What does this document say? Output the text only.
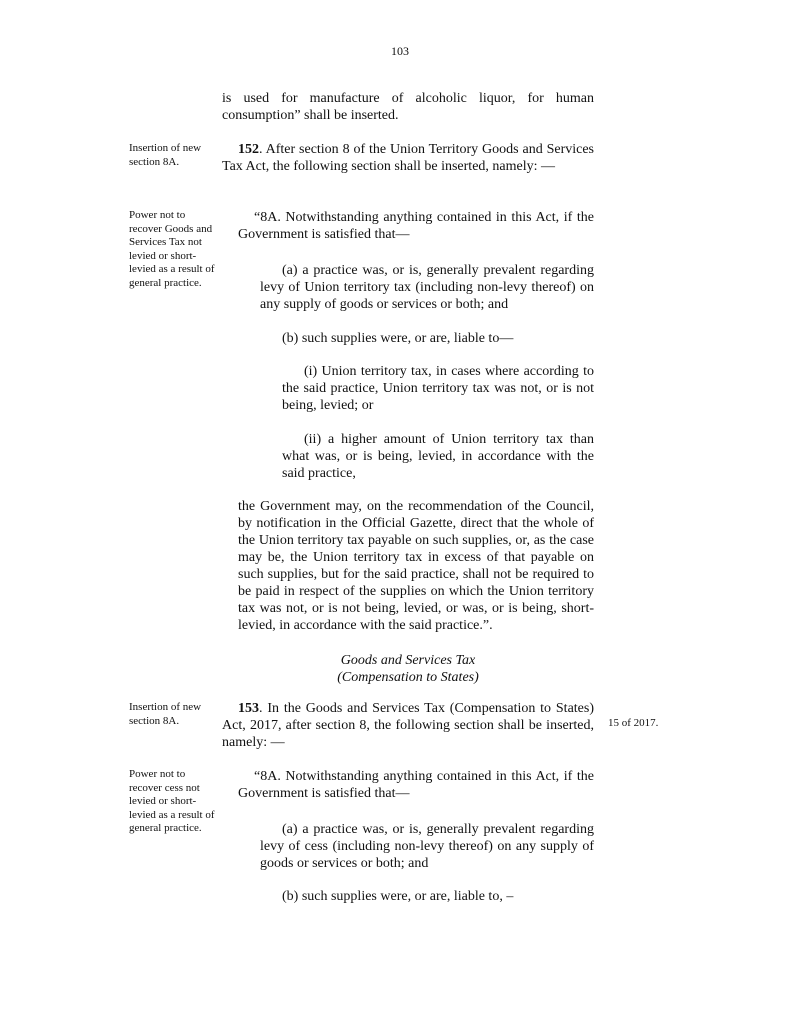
103
is used for manufacture of alcoholic liquor, for human consumption” shall be inserted.
Insertion of new section 8A.
152. After section 8 of the Union Territory Goods and Services Tax Act, the following section shall be inserted, namely: —
Power not to recover Goods and Services Tax not levied or short-levied as a result of general practice.
“8A. Notwithstanding anything contained in this Act, if the Government is satisfied that—
(a) a practice was, or is, generally prevalent regarding levy of Union territory tax (including non-levy thereof) on any supply of goods or services or both; and
(b) such supplies were, or are, liable to—
(i) Union territory tax, in cases where according to the said practice, Union territory tax was not, or is not being, levied; or
(ii) a higher amount of Union territory tax than what was, or is being, levied, in accordance with the said practice,
the Government may, on the recommendation of the Council, by notification in the Official Gazette, direct that the whole of the Union territory tax payable on such supplies, or, as the case may be, the Union territory tax in excess of that payable on such supplies, but for the said practice, shall not be required to be paid in respect of the supplies on which the Union territory tax was not, or is not being, levied, or was, or is being, short-levied, in accordance with the said practice.”.
Goods and Services Tax
(Compensation to States)
Insertion of new section 8A.
153. In the Goods and Services Tax (Compensation to States) Act, 2017, after section 8, the following section shall be inserted, namely: —
15 of 2017.
Power not to recover cess not levied or short-levied as a result of general practice.
“8A. Notwithstanding anything contained in this Act, if the Government is satisfied that—
(a) a practice was, or is, generally prevalent regarding levy of cess (including non-levy thereof) on any supply of goods or services or both; and
(b) such supplies were, or are, liable to, –
